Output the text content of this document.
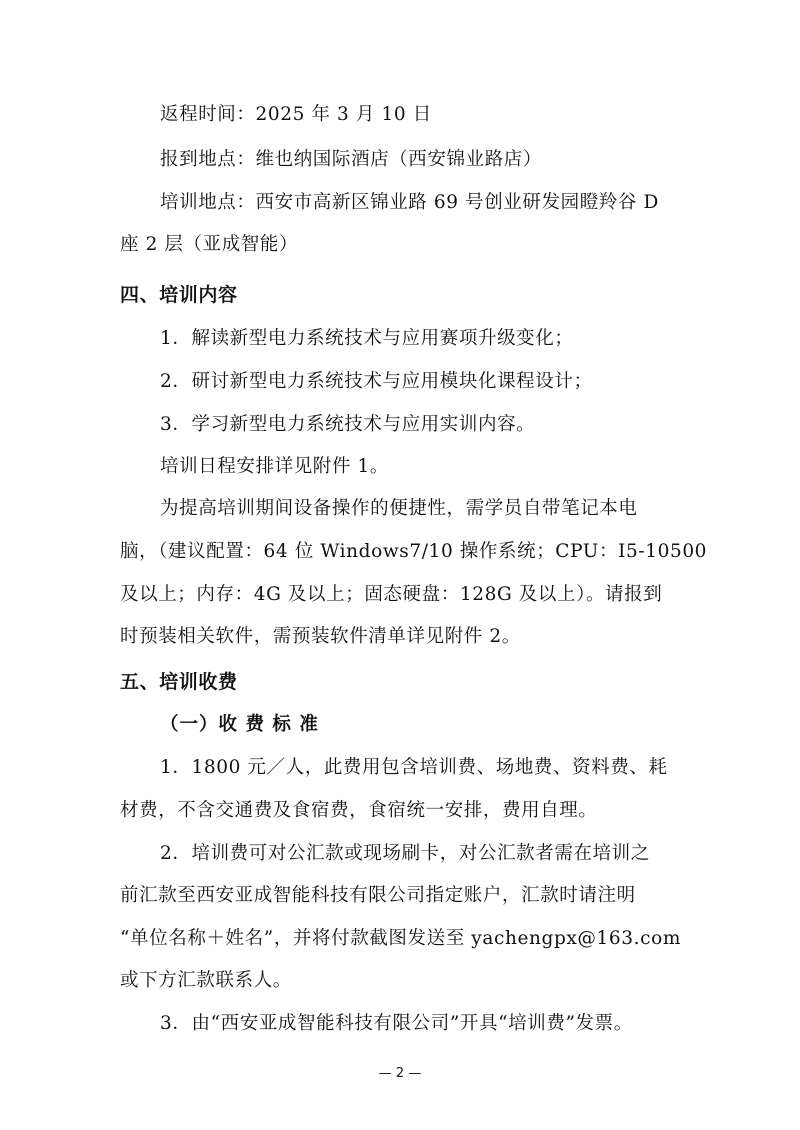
返程时间：2025 年 3 月 10 日
报到地点：维也纳国际酒店（西安锦业路店）
培训地点：西安市高新区锦业路 69 号创业研发园瞪羚谷 D
座 2 层（亚成智能）
四、培训内容
1．解读新型电力系统技术与应用赛项升级变化；
2．研讨新型电力系统技术与应用模块化课程设计；
3．学习新型电力系统技术与应用实训内容。
培训日程安排详见附件 1。
为提高培训期间设备操作的便捷性，需学员自带笔记本电
脑，（建议配置：64 位 Windows7/10 操作系统；CPU：I5-10500
及以上；内存：4G 及以上；固态硬盘：128G 及以上）。请报到
时预装相关软件，需预装软件清单详见附件 2。
五、培训收费
（一）收 费 标 准
1．1800 元／人，此费用包含培训费、场地费、资料费、耗
材费，不含交通费及食宿费，食宿统一安排，费用自理。
2．培训费可对公汇款或现场刷卡，对公汇款者需在培训之
前汇款至西安亚成智能科技有限公司指定账户，汇款时请注明
“单位名称＋姓名”，并将付款截图发送至 yachengpx@163.com
或下方汇款联系人。
3．由“西安亚成智能科技有限公司”开具“培训费”发票。
— 2 —
